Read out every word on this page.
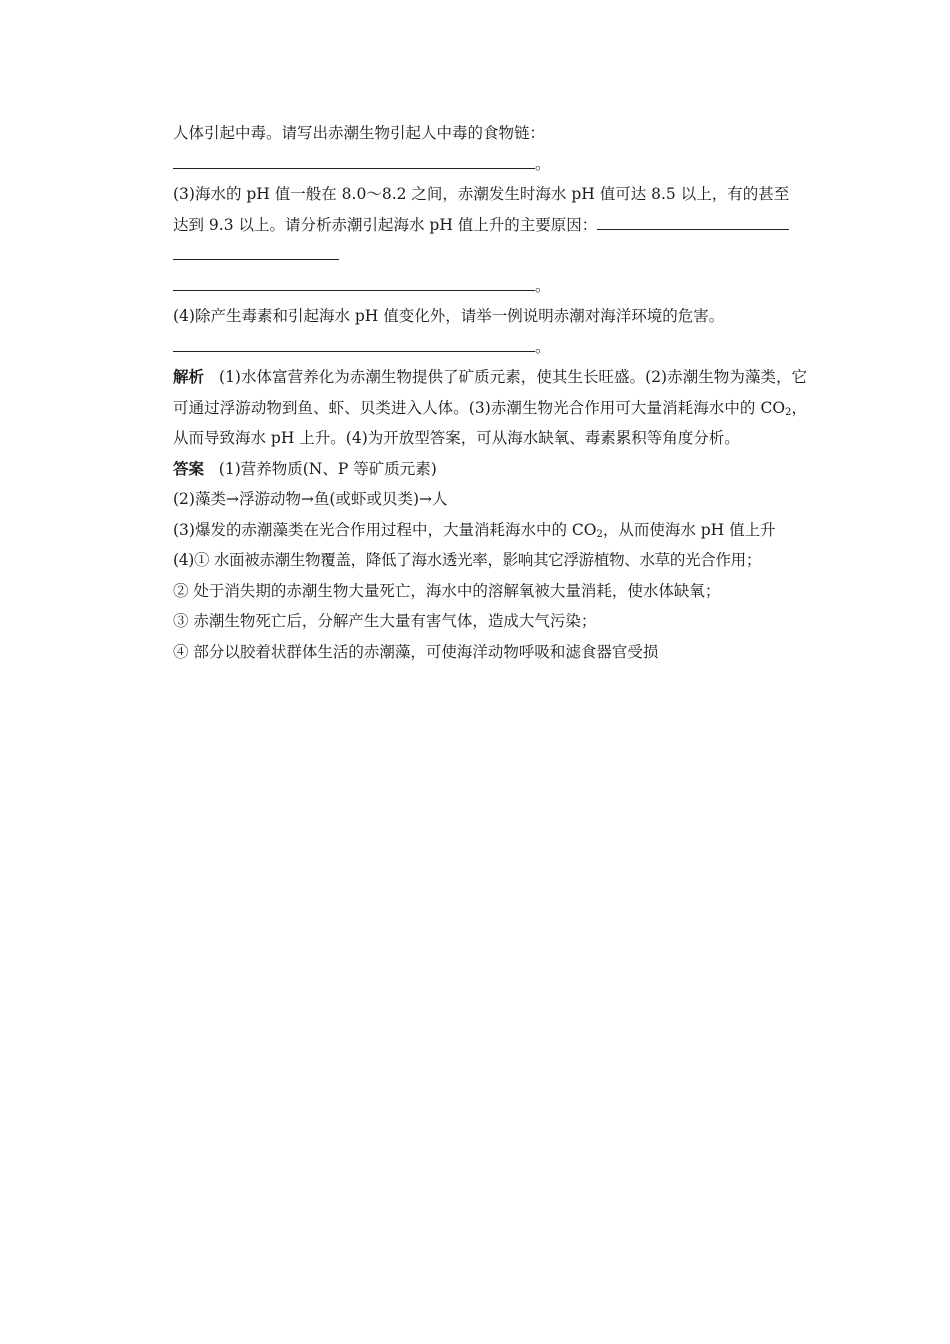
人体引起中毒。请写出赤潮生物引起人中毒的食物链：
。
(3)海水的 pH 值一般在 8.0～8.2 之间，赤潮发生时海水 pH 值可达 8.5 以上，有的甚至
达到 9.3 以上。请分析赤潮引起海水 pH 值上升的主要原因：
。
(4)除产生毒素和引起海水 pH 值变化外，请举一例说明赤潮对海洋环境的危害。
。
解析 (1)水体富营养化为赤潮生物提供了矿质元素，使其生长旺盛。(2)赤潮生物为藻类，它可通过浮游动物到鱼、虾、贝类进入人体。(3)赤潮生物光合作用可大量消耗海水中的 $CO_2$，从而导致海水 pH 上升。(4)为开放型答案，可从海水缺氧、毒素累积等角度分析。
答案 (1)营养物质(N、P 等矿质元素)
(2)藻类→浮游动物→鱼(或虾或贝类)→人
(3)爆发的赤潮藻类在光合作用过程中，大量消耗海水中的 $CO_2$，从而使海水 pH 值上升
(4)① 水面被赤潮生物覆盖，降低了海水透光率，影响其它浮游植物、水草的光合作用；
② 处于消失期的赤潮生物大量死亡，海水中的溶解氧被大量消耗，使水体缺氧；
③ 赤潮生物死亡后，分解产生大量有害气体，造成大气污染；
④ 部分以胶着状群体生活的赤潮藻，可使海洋动物呼吸和滤食器官受损
